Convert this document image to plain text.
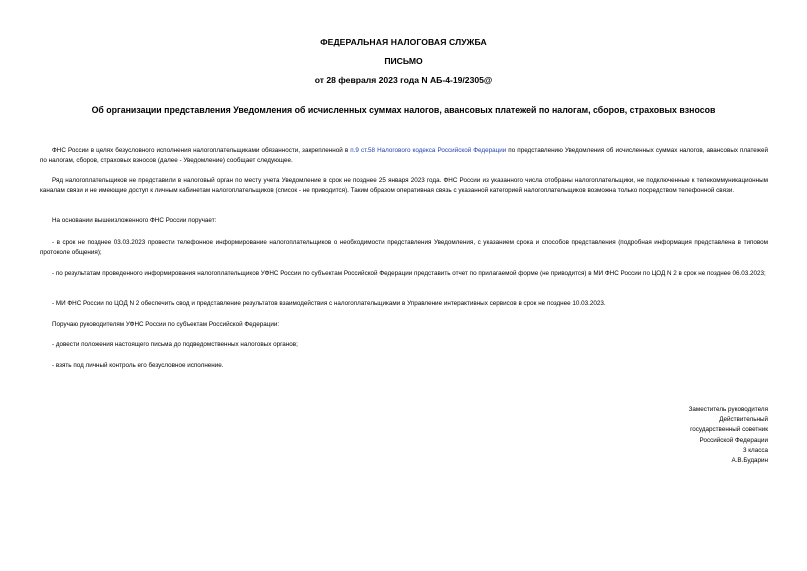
ФЕДЕРАЛЬНАЯ НАЛОГОВАЯ СЛУЖБА
ПИСЬМО
от 28 февраля 2023 года N АБ-4-19/2305@
Об организации представления Уведомления об исчисленных суммах налогов, авансовых платежей по налогам, сборов, страховых взносов
ФНС России в целях безусловного исполнения налогоплательщиками обязанности, закрепленной в п.9 ст.58 Налогового кодекса Российской Федерации по представлению Уведомления об исчисленных суммах налогов, авансовых платежей по налогам, сборов, страховых взносов (далее - Уведомление) сообщает следующее.
Ряд налогоплательщиков не представили в налоговый орган по месту учета Уведомление в срок не позднее 25 января 2023 года. ФНС России из указанного числа отобраны налогоплательщики, не подключенные к телекоммуникационным каналам связи и не имеющие доступ к личным кабинетам налогоплательщиков (список - не приводится). Таким образом оперативная связь с указанной категорией налогоплательщиков возможна только посредством телефонной связи.
На основании вышеизложенного ФНС России поручает:
- в срок не позднее 03.03.2023 провести телефонное информирование налогоплательщиков о необходимости представления Уведомления, с указанием срока и способов представления (подробная информация представлена в типовом протоколе общения);
- по результатам проведенного информирования налогоплательщиков УФНС России по субъектам Российской Федерации представить отчет по прилагаемой форме (не приводится) в МИ ФНС России по ЦОД N 2 в срок не позднее 06.03.2023;
- МИ ФНС России по ЦОД N 2 обеспечить свод и представление результатов взаимодействия с налогоплательщиками в Управление интерактивных сервисов в срок не позднее 10.03.2023.
Поручаю руководителям УФНС России по субъектам Российской Федерации:
- довести положения настоящего письма до подведомственных налоговых органов;
- взять под личный контроль его безусловное исполнение.
Заместитель руководителя
Действительный
государственный советник
Российской Федерации
3 класса
А.В.Бударин
